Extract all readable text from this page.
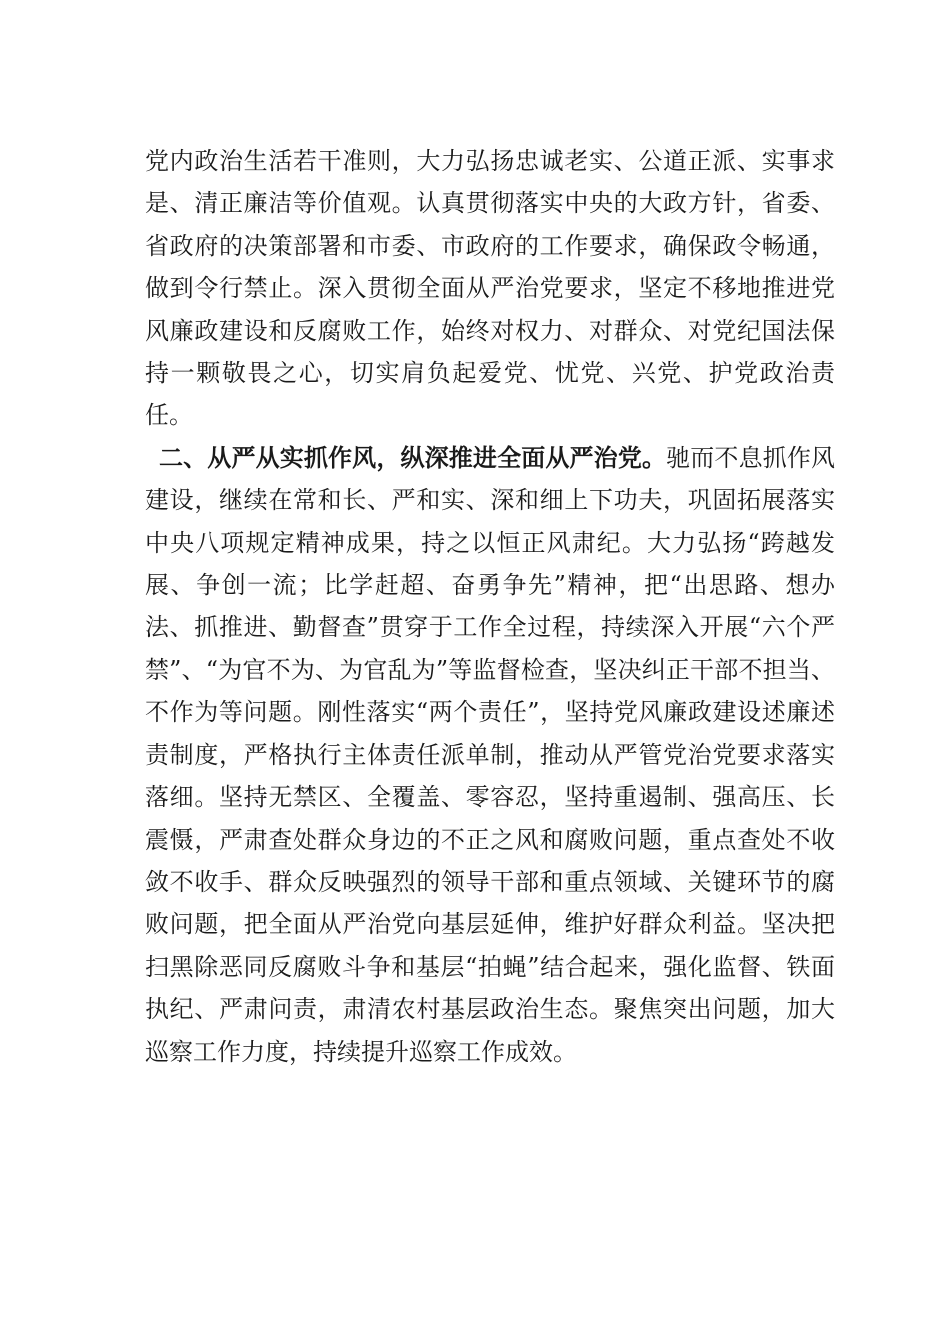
党内政治生活若干准则，大力弘扬忠诚老实、公道正派、实事求是、清正廉洁等价值观。认真贯彻落实中央的大政方针，省委、省政府的决策部署和市委、市政府的工作要求，确保政令畅通，做到令行禁止。深入贯彻全面从严治党要求，坚定不移地推进党风廉政建设和反腐败工作，始终对权力、对群众、对党纪国法保持一颗敬畏之心，切实肩负起爱党、忧党、兴党、护党政治责任。

二、从严从实抓作风，纵深推进全面从严治党。驰而不息抓作风建设，继续在常和长、严和实、深和细上下功夫，巩固拓展落实中央八项规定精神成果，持之以恒正风肃纪。大力弘扬“跨越发展、争创一流；比学赶超、奋勇争先”精神，把“出思路、想办法、抓推进、勤督查”贯穿于工作全过程，持续深入开展“六个严禁”、“为官不为、为官乱为”等监督检查，坚决纠正干部不担当、不作为等问题。刚性落实“两个责任”，坚持党风廉政建设述廉述责制度，严格执行主体责任派单制，推动从严管党治党要求落实落细。坚持无禁区、全覆盖、零容忍，坚持重遏制、强高压、长震慑，严肃查处群众身边的不正之风和腐败问题，重点查处不收敛不收手、群众反映强烈的领导干部和重点领域、关键环节的腐败问题，把全面从严治党向基层延伸，维护好群众利益。坚决把扫黑除恶同反腐败斗争和基层“拍蝇”结合起来，强化监督、铁面执纪、严肃问责，肃清农村基层政治生态。聚焦突出问题，加大巡察工作力度，持续提升巡察工作成效。
